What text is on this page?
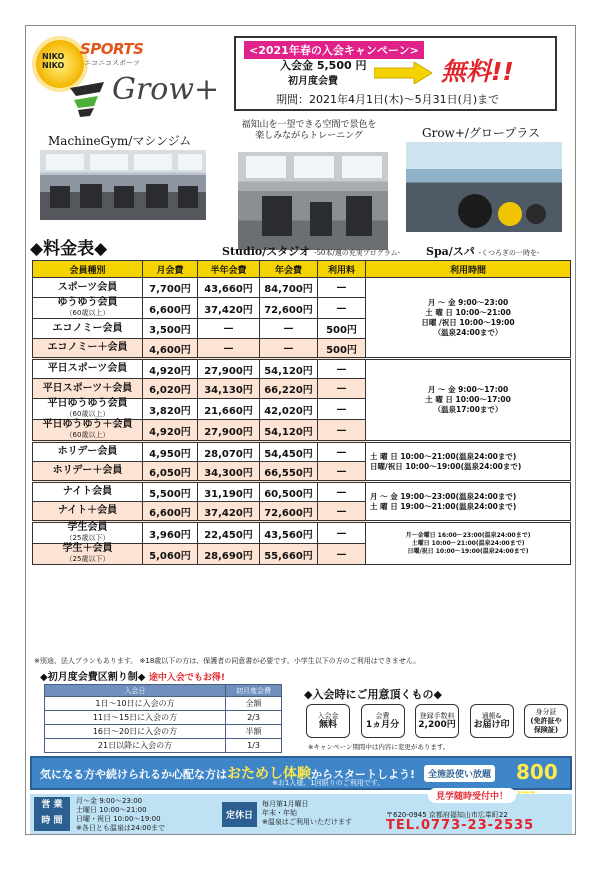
NIKO NIKO
SPORTS
ニコニコスポーツ
Grow+
<2021年春の入会キャンペーン>
入会金 5,500 円
初月度会費	無料!!
期間：2021年4月1日(木)～5月31日(月)まで
MachineGym/マシンジム
福知山を一望できる空間で景色を楽しみながらトレーニング	Grow+/グロープラス
◆料金表◆	Studio/スタジオ -50本/週の充実プログラム- Spa/スパ -くつろぎの一時を-
会員種別	月会費	半年会費	年会費	利用料	利用時間
スポーツ会員	7,700円	43,660円	84,700円	—	月 ～ 金 9:00～23:00
土 曜 日 10:00～21:00
日曜 /祝日 10:00～19:00
（温泉24:00まで）
ゆうゆう会員
（60歳以上）	6,600円	37,420円	72,600円	—	
エコノミー会員	3,500円	—	—	500円	
エコノミー＋会員	4,600円	—	—	500円	
平日スポーツ会員	4,920円	27,900円	54,120円	—	月 ～ 金 9:00～17:00
土 曜 日 10:00～17:00
（温泉17:00まで）
平日スポーツ＋会員	6,020円	34,130円	66,220円	—	
平日ゆうゆう会員
（60歳以上）	3,820円	21,660円	42,020円	—	
平日ゆうゆう＋会員
（60歳以上）	4,920円	27,900円	54,120円	—	
ホリデー会員	4,950円	28,070円	54,450円	—	土 曜 日 10:00～21:00(温泉24:00まで)
日曜/祝日 10:00～19:00(温泉24:00まで)
ホリデー＋会員	6,050円	34,300円	66,550円	—	
ナイト会員	5,500円	31,190円	60,500円	—	月 ～ 金 19:00～23:00(温泉24:00まで)
土 曜 日 19:00～21:00(温泉24:00まで)
ナイト＋会員	6,600円	37,420円	72,600円	—	
学生会員
（25歳以下）	3,960円	22,450円	43,560円	—	月～金曜日 16:00～23:00(温泉24:00まで)
土曜日 10:00～21:00(温泉24:00まで)
日曜/祝日 10:00～19:00(温泉24:00まで)
学生＋会員
（25歳以下）	5,060円	28,690円	55,660円	—	
※別途、法人プランもあります。 ※18歳以下の方は、保護者の同意書が必要です。小学生以下の方のご利用はできません。
◆初月度会費区割り制◆ 途中入会でもお得!
入会日	初月度会費
1日～10日に入会の方	全額
11日～15日に入会の方	2/3
16日～20日に入会の方	半額
21日以降に入会の方	1/3
◆入会時にご用意頂くもの◆
入会金
無料
会費
1ヵ月分
登録手数料
2,200円
通帳&
お届け印
身分証
(免許証や保険証)
※キャンペーン期間中は内容に変更があります。
気になる方や続けられるか心配な方はおためし体験からスタートしよう!
※お1人様、1回限りのご利用です。
全施設使い放題 800
営 業
時 間
月～金 9:00～23:00
土曜日 10:00～21:00
日曜・祝日 10:00～19:00
※各日とも温泉は24:00まで
定休日
毎月第1月曜日
年末・年始
※温泉はご利用いただけます
見学随時受付中！
〒620-0945 京都府福知山市広峯町22
TEL.0773-23-2535
